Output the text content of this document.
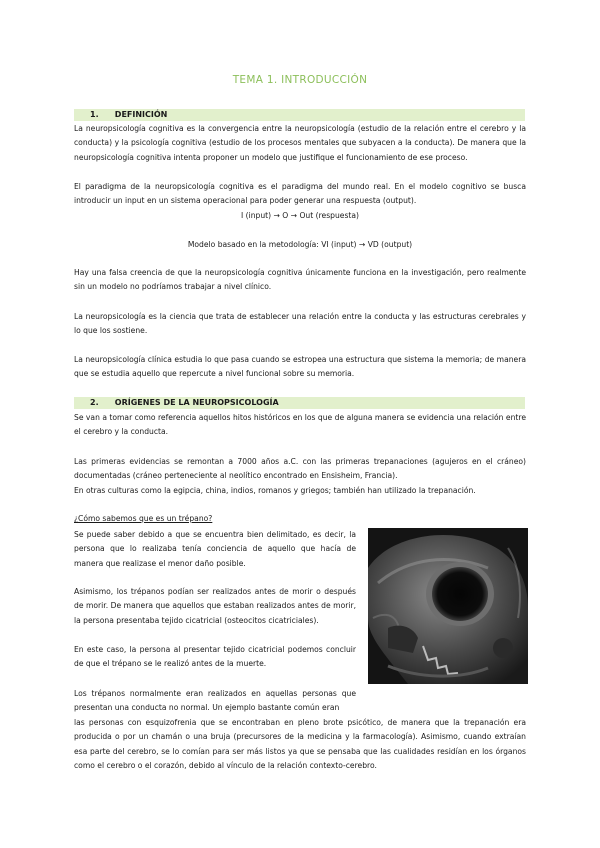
TEMA 1. INTRODUCCIÓN
1. DEFINICIÓN

La neuropsicología cognitiva es la convergencia entre la neuropsicología (estudio de la relación entre el cerebro y la conducta) y la psicología cognitiva (estudio de los procesos mentales que subyacen a la conducta). De manera que la neuropsicología cognitiva intenta proponer un modelo que justifique el funcionamiento de ese proceso.

El paradigma de la neuropsicología cognitiva es el paradigma del mundo real. En el modelo cognitivo se busca introducir un input en un sistema operacional para poder generar una respuesta (output).

I (input) → O → Out (respuesta)
Modelo basado en la metodología: VI (input) → VD (output)

Hay una falsa creencia de que la neuropsicología cognitiva únicamente funciona en la investigación, pero realmente sin un modelo no podríamos trabajar a nivel clínico.

La neuropsicología es la ciencia que trata de establecer una relación entre la conducta y las estructuras cerebrales y lo que los sostiene.

La neuropsicología clínica estudia lo que pasa cuando se estropea una estructura que sistema la memoria; de manera que se estudia aquello que repercute a nivel funcional sobre su memoria.

2. ORÍGENES DE LA NEUROPSICOLOGÍA

Se van a tomar como referencia aquellos hitos históricos en los que de alguna manera se evidencia una relación entre el cerebro y la conducta.

Las primeras evidencias se remontan a 7000 años a.C. con las primeras trepanaciones (agujeros en el cráneo) documentadas (cráneo perteneciente al neolítico encontrado en Ensisheim, Francia).

En otras culturas como la egipcia, china, indios, romanos y griegos; también han utilizado la trepanación.

¿Cómo sabemos que es un trépano?

Se puede saber debido a que se encuentra bien delimitado, es decir, la persona que lo realizaba tenía conciencia de aquello que hacía de manera que realizase el menor daño posible.

Asimismo, los trépanos podían ser realizados antes de morir o después de morir. De manera que aquellos que estaban realizados antes de morir, la persona presentaba tejido cicatricial (osteocitos cicatriciales).

En este caso, la persona al presentar tejido cicatricial podemos concluir de que el trépano se le realizó antes de la muerte.

Los trépanos normalmente eran realizados en aquellas personas que presentan una conducta no normal. Un ejemplo bastante común eran

las personas con esquizofrenia que se encontraban en pleno brote psicótico, de manera que la trepanación era producida o por un chamán o una bruja (precursores de la medicina y la farmacología). Asimismo, cuando extraían esa parte del cerebro, se lo comían para ser más listos ya que se pensaba que las cualidades residían en los órganos como el cerebro o el corazón, debido al vínculo de la relación contexto-cerebro.
